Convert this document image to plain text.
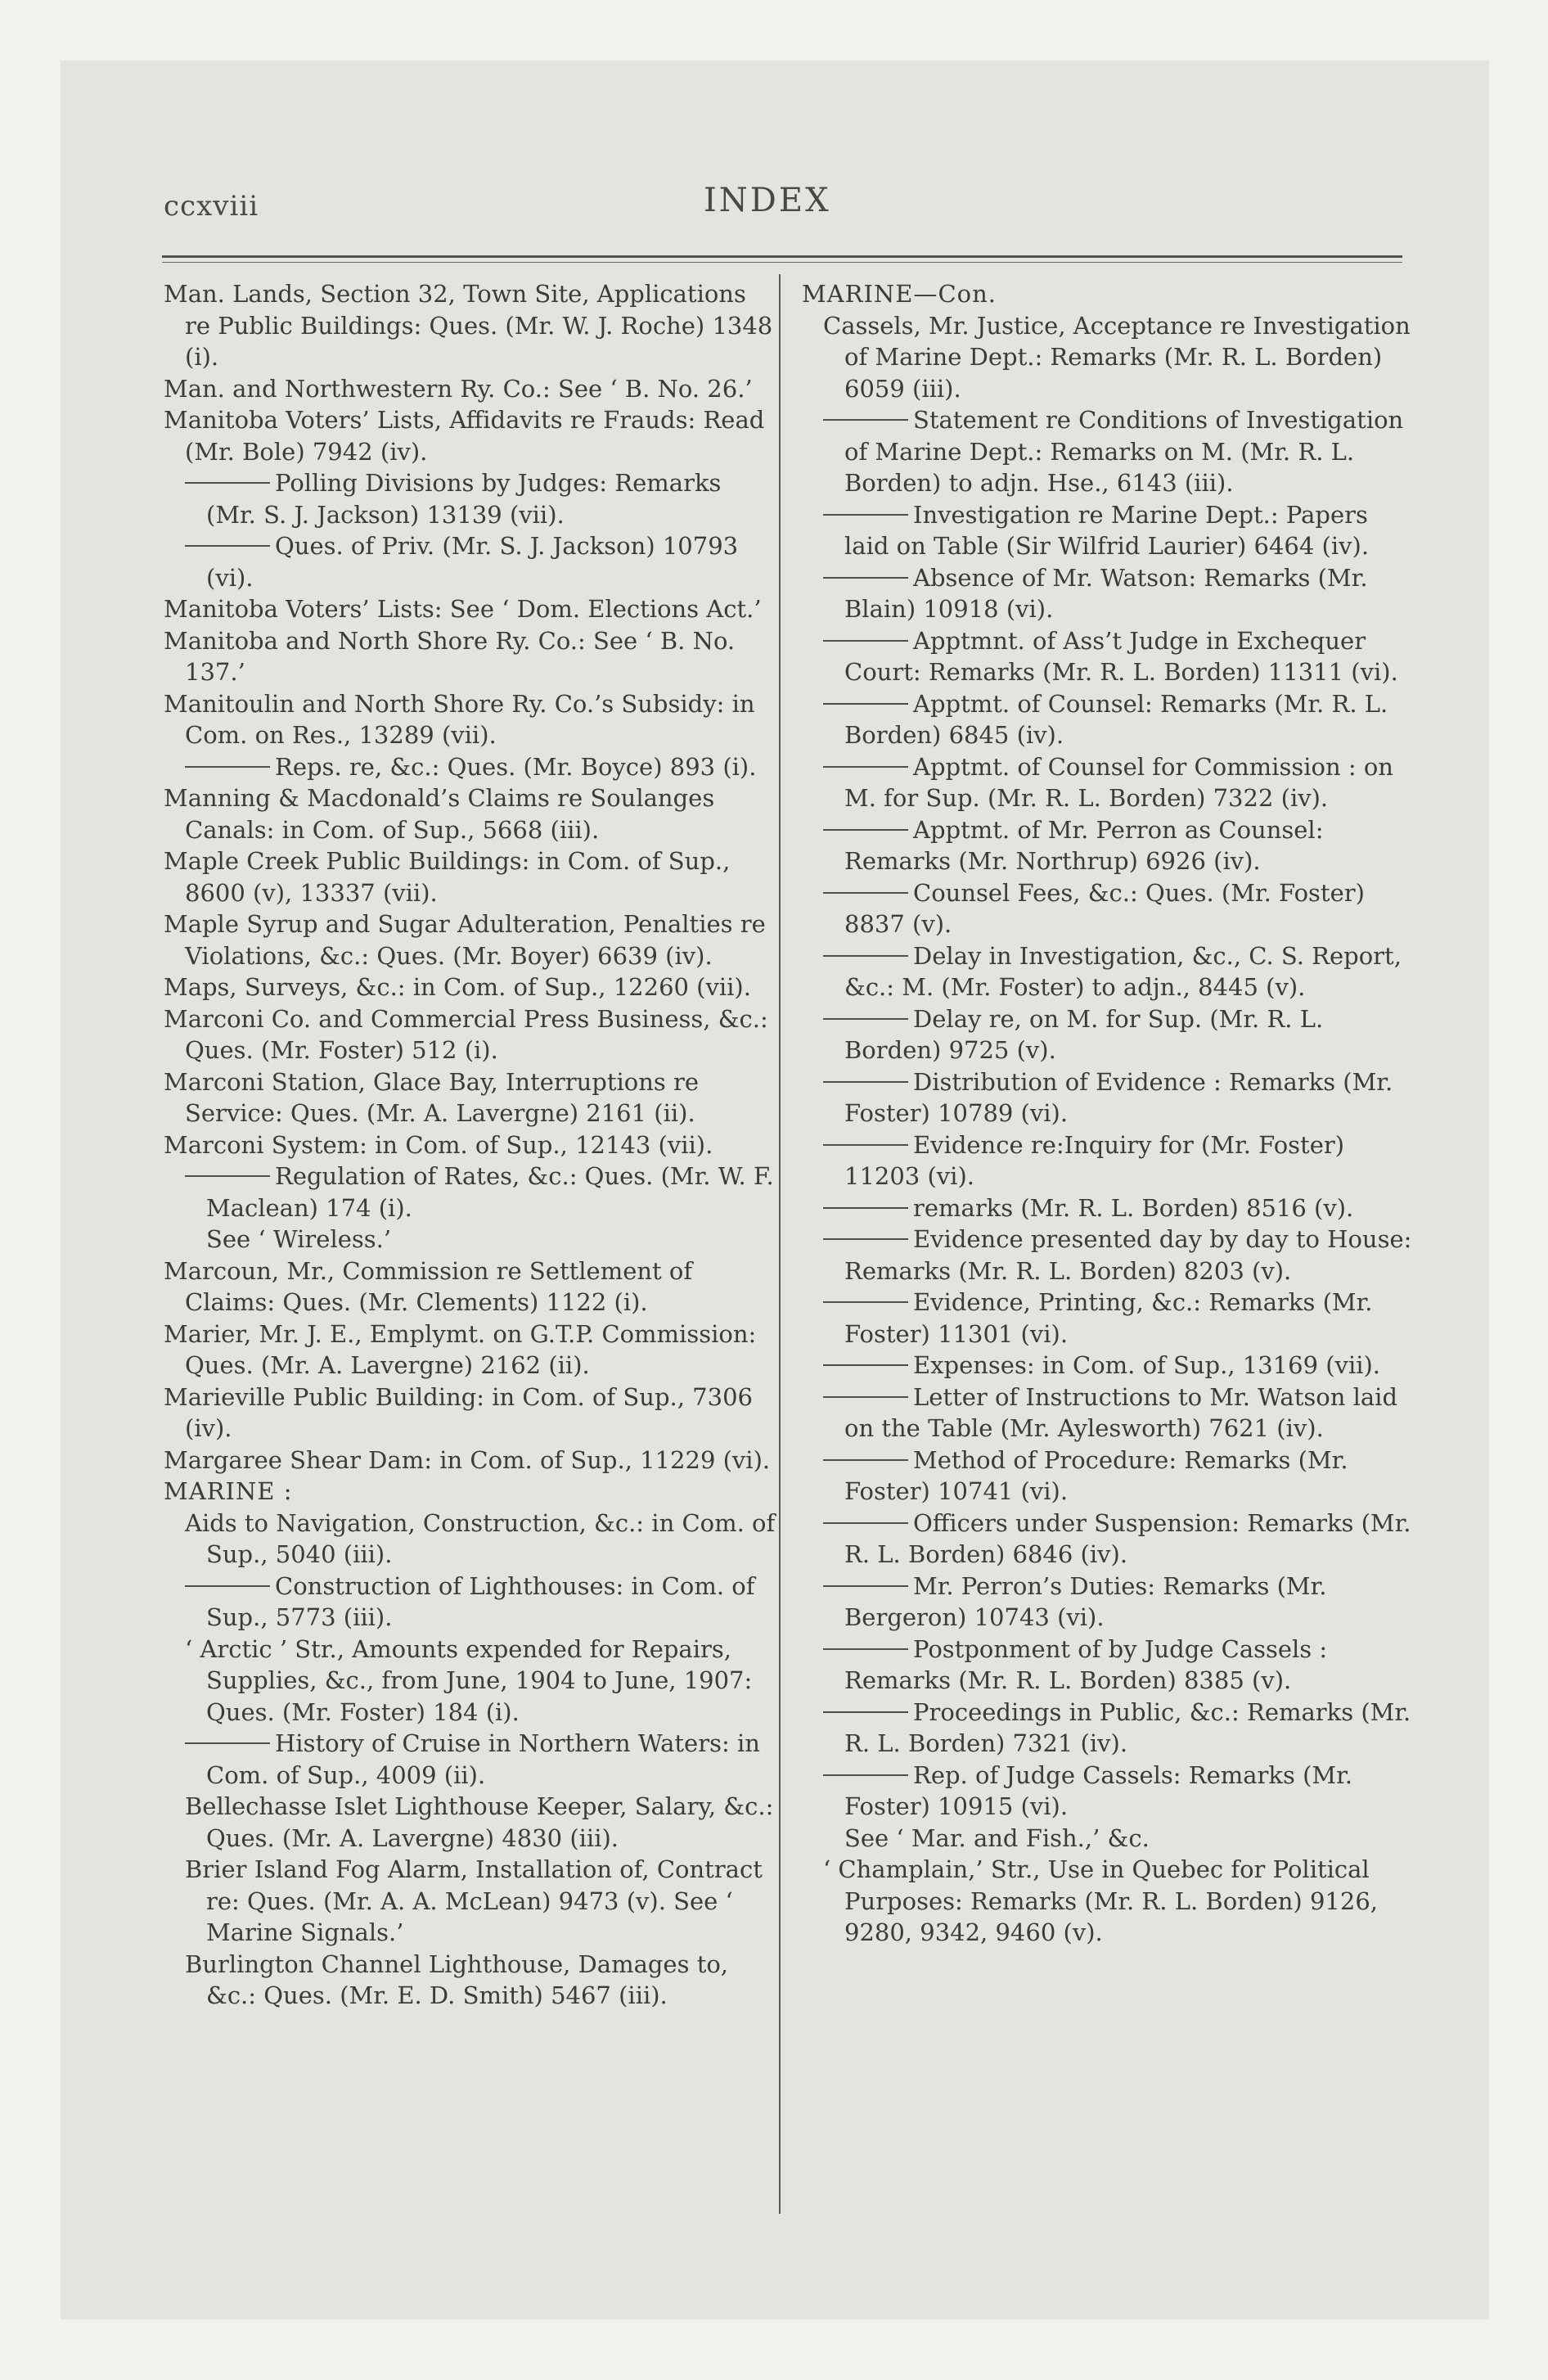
ccxviii	INDEX
Man. Lands, Section 32, Town Site, Applications re Public Buildings: Ques. (Mr. W. J. Roche) 1348 (i).
Man. and Northwestern Ry. Co.: See ‘ B. No. 26.’
Manitoba Voters’ Lists, Affidavits re Frauds: Read (Mr. Bole) 7942 (iv).
Polling Divisions by Judges: Remarks (Mr. S. J. Jackson) 13139 (vii).
Ques. of Priv. (Mr. S. J. Jackson) 10793 (vi).
Manitoba Voters’ Lists: See ‘ Dom. Elections Act.’
Manitoba and North Shore Ry. Co.: See ‘ B. No. 137.’
Manitoulin and North Shore Ry. Co.’s Subsidy: in Com. on Res., 13289 (vii).
Reps. re, &c.: Ques. (Mr. Boyce) 893 (i).
Manning & Macdonald’s Claims re Soulanges Canals: in Com. of Sup., 5668 (iii).
Maple Creek Public Buildings: in Com. of Sup., 8600 (v), 13337 (vii).
Maple Syrup and Sugar Adulteration, Penalties re Violations, &c.: Ques. (Mr. Boyer) 6639 (iv).
Maps, Surveys, &c.: in Com. of Sup., 12260 (vii).
Marconi Co. and Commercial Press Business, &c.: Ques. (Mr. Foster) 512 (i).
Marconi Station, Glace Bay, Interruptions re Service: Ques. (Mr. A. Lavergne) 2161 (ii).
Marconi System: in Com. of Sup., 12143 (vii).
Regulation of Rates, &c.: Ques. (Mr. W. F. Maclean) 174 (i).
See ‘ Wireless.’
Marcoun, Mr., Commission re Settlement of Claims: Ques. (Mr. Clements) 1122 (i).
Marier, Mr. J. E., Emplymt. on G.T.P. Commission: Ques. (Mr. A. Lavergne) 2162 (ii).
Marieville Public Building: in Com. of Sup., 7306 (iv).
Margaree Shear Dam: in Com. of Sup., 11229 (vi).
MARINE :
Aids to Navigation, Construction, &c.: in Com. of Sup., 5040 (iii).
Construction of Lighthouses: in Com. of Sup., 5773 (iii).
‘ Arctic ’ Str., Amounts expended for Repairs, Supplies, &c., from June, 1904 to June, 1907: Ques. (Mr. Foster) 184 (i).
History of Cruise in Northern Waters: in Com. of Sup., 4009 (ii).
Bellechasse Islet Lighthouse Keeper, Salary, &c.: Ques. (Mr. A. Lavergne) 4830 (iii).
Brier Island Fog Alarm, Installation of, Contract re: Ques. (Mr. A. A. McLean) 9473 (v). See ‘ Marine Signals.’
Burlington Channel Lighthouse, Damages to, &c.: Ques. (Mr. E. D. Smith) 5467 (iii).
MARINE—Con.
Cassels, Mr. Justice, Acceptance re Investigation of Marine Dept.: Remarks (Mr. R. L. Borden) 6059 (iii).
Statement re Conditions of Investigation of Marine Dept.: Remarks on M. (Mr. R. L. Borden) to adjn. Hse., 6143 (iii).
Investigation re Marine Dept.: Papers laid on Table (Sir Wilfrid Laurier) 6464 (iv).
Absence of Mr. Watson: Remarks (Mr. Blain) 10918 (vi).
Apptmnt. of Ass’t Judge in Exchequer Court: Remarks (Mr. R. L. Borden) 11311 (vi).
Apptmt. of Counsel: Remarks (Mr. R. L. Borden) 6845 (iv).
Apptmt. of Counsel for Commission : on M. for Sup. (Mr. R. L. Borden) 7322 (iv).
Apptmt. of Mr. Perron as Counsel: Remarks (Mr. Northrup) 6926 (iv).
Counsel Fees, &c.: Ques. (Mr. Foster) 8837 (v).
Delay in Investigation, &c., C. S. Report, &c.: M. (Mr. Foster) to adjn., 8445 (v).
Delay re, on M. for Sup. (Mr. R. L. Borden) 9725 (v).
Distribution of Evidence : Remarks (Mr. Foster) 10789 (vi).
Evidence re:Inquiry for (Mr. Foster) 11203 (vi).
remarks (Mr. R. L. Borden) 8516 (v).
Evidence presented day by day to House: Remarks (Mr. R. L. Borden) 8203 (v).
Evidence, Printing, &c.: Remarks (Mr. Foster) 11301 (vi).
Expenses: in Com. of Sup., 13169 (vii).
Letter of Instructions to Mr. Watson laid on the Table (Mr. Aylesworth) 7621 (iv).
Method of Procedure: Remarks (Mr. Foster) 10741 (vi).
Officers under Suspension: Remarks (Mr. R. L. Borden) 6846 (iv).
Mr. Perron’s Duties: Remarks (Mr. Bergeron) 10743 (vi).
Postponment of by Judge Cassels : Remarks (Mr. R. L. Borden) 8385 (v).
Proceedings in Public, &c.: Remarks (Mr. R. L. Borden) 7321 (iv).
Rep. of Judge Cassels: Remarks (Mr. Foster) 10915 (vi).
See ‘ Mar. and Fish.,’ &c.
‘ Champlain,’ Str., Use in Quebec for Political Purposes: Remarks (Mr. R. L. Borden) 9126, 9280, 9342, 9460 (v).
